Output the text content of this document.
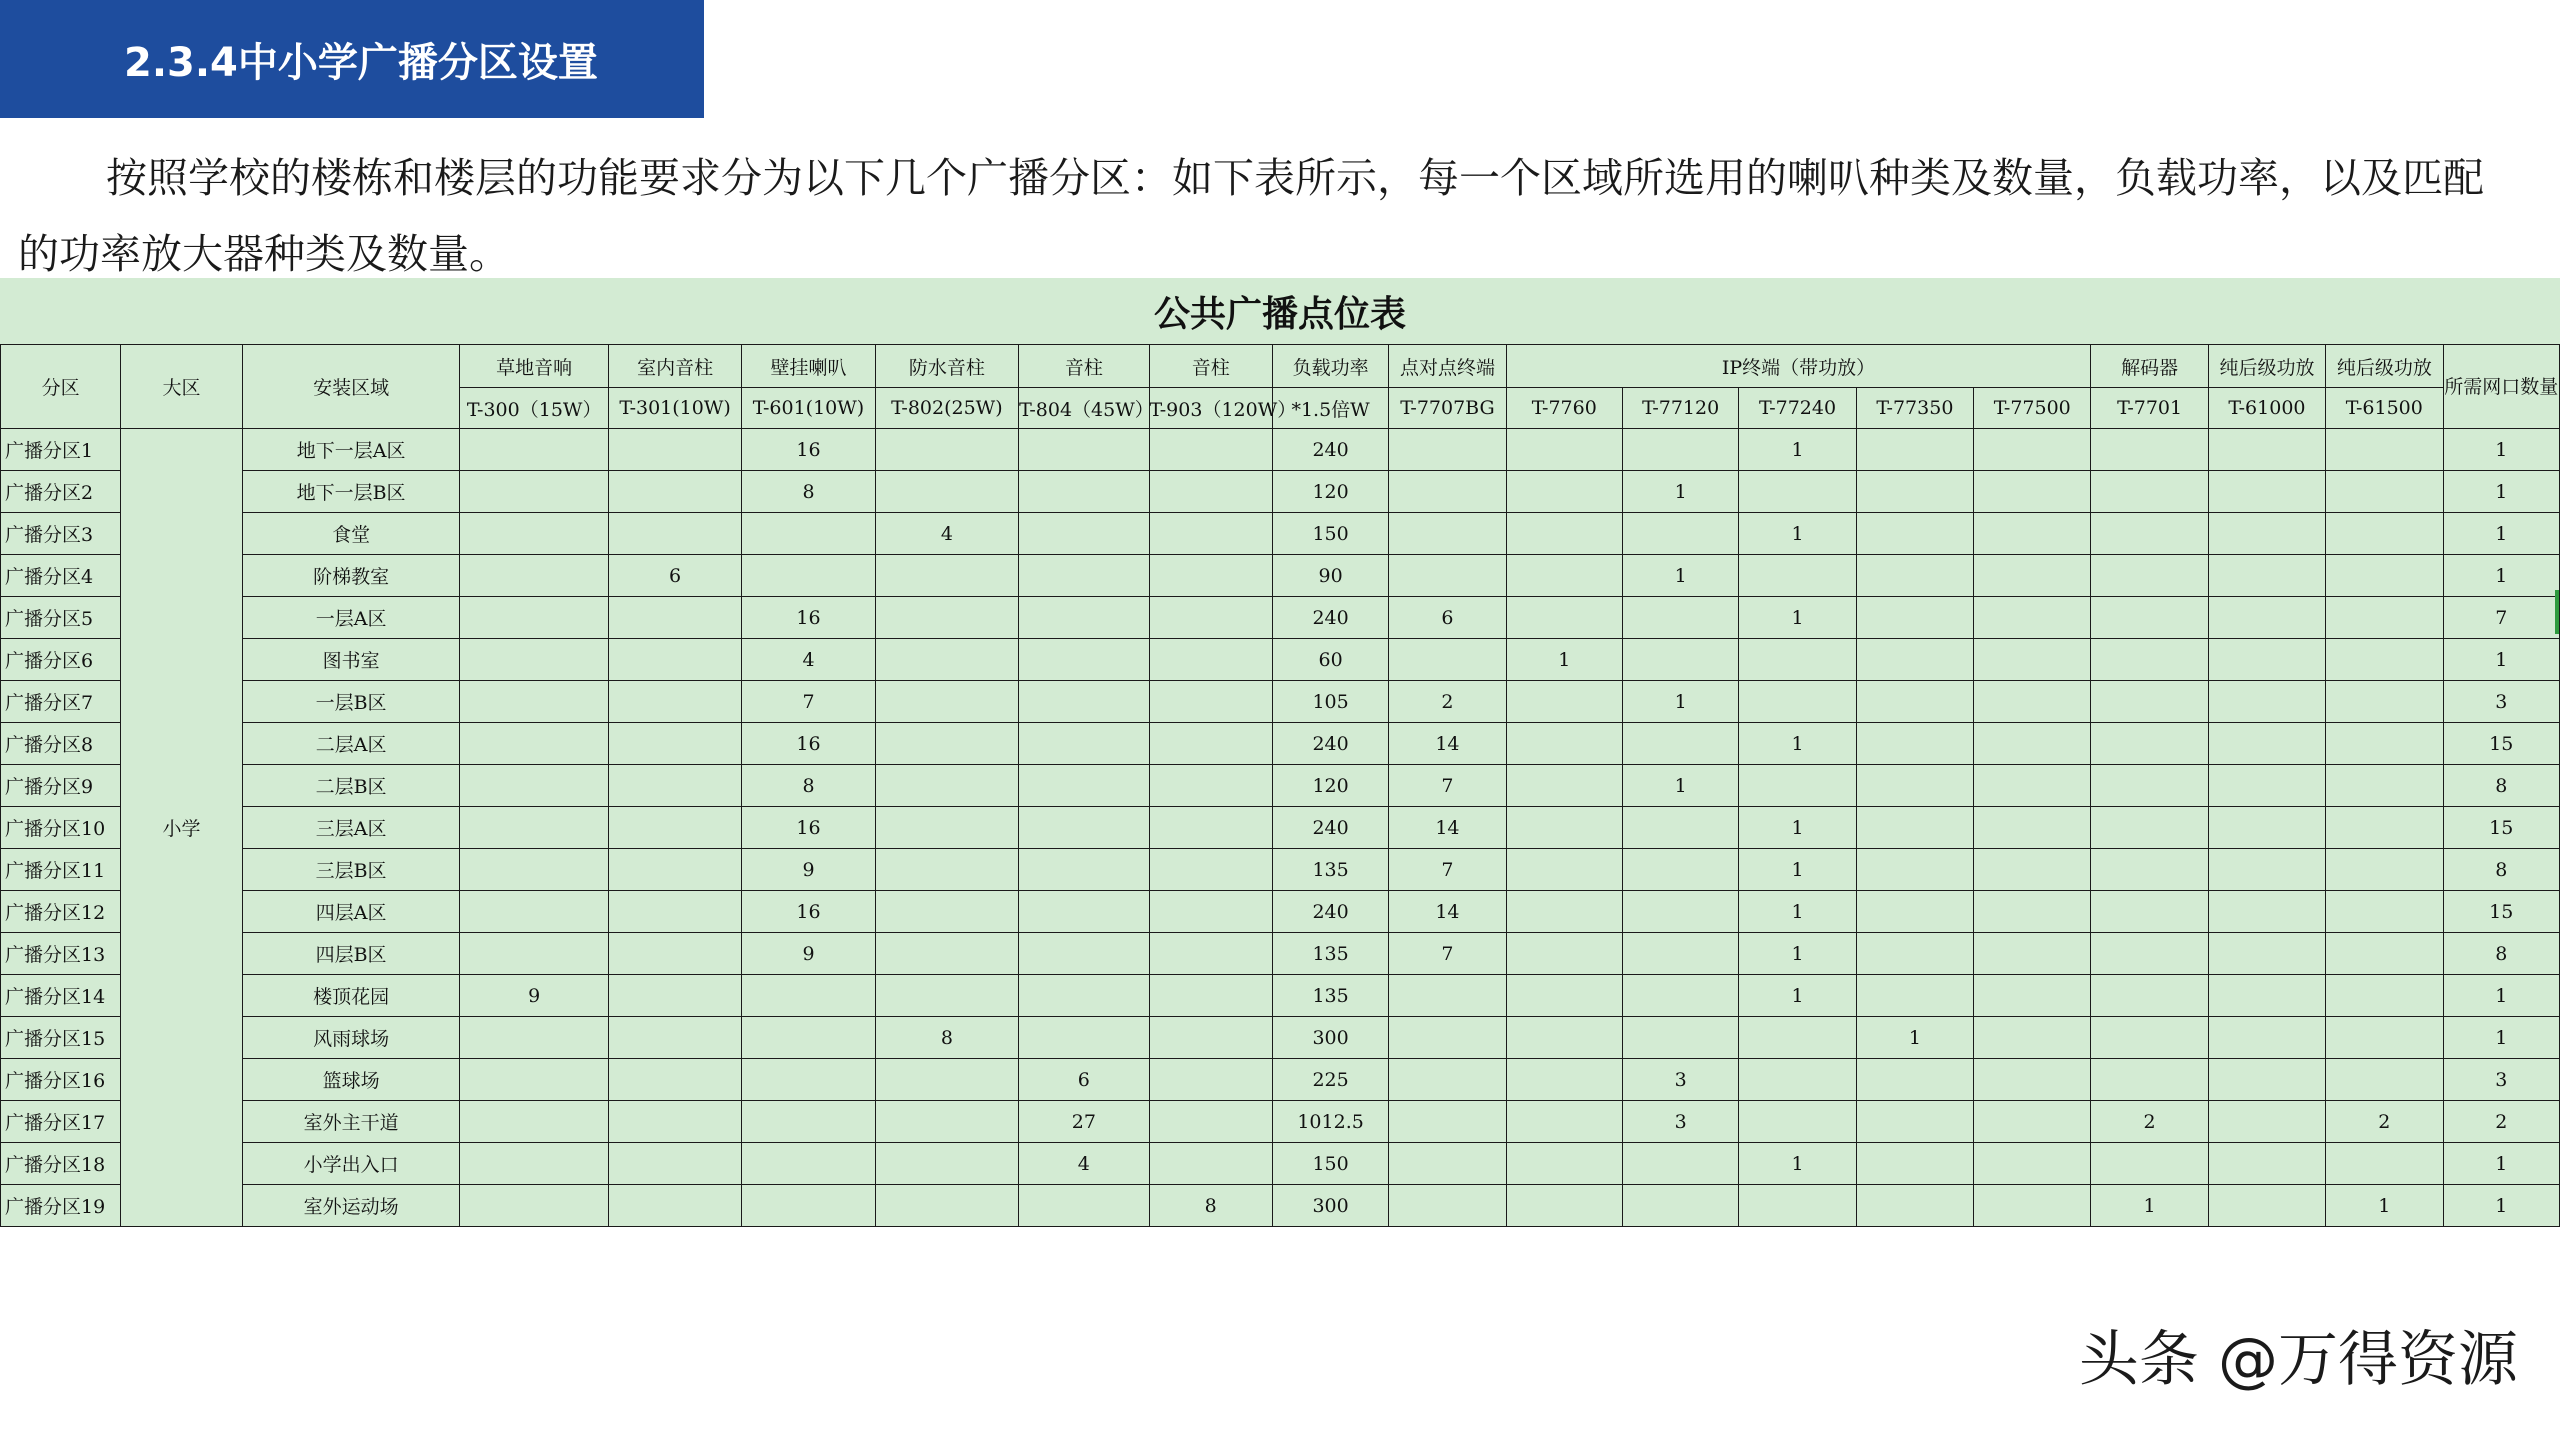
2.3.4中小学广播分区设置

按照学校的楼栋和楼层的功能要求分为以下几个广播分区：如下表所示，每一个区域所选用的喇叭种类及数量，负载功率，以及匹配的功率放大器种类及数量。

公共广播点位表
分区	大区	安装区域	草地音响	室内音柱	壁挂喇叭	防水音柱	音柱	音柱	负载功率	点对点终端	IP终端（带功放）					解码器	纯后级功放	纯后级功放	所需网口数量
			T-300（15W）	T-301(10W)	T-601(10W)	T-802(25W)	T-804（45W）	T-903（120W）	*1.5倍W	T-7707BG	T-7760	T-77120	T-77240	T-77350	T-77500	T-7701	T-61000	T-61500	
广播分区1	小学	地下一层A区			16				240				1						1
广播分区2		地下一层B区			8				120			1							1
广播分区3		食堂				4			150				1						1
广播分区4		阶梯教室		6					90			1							1
广播分区5		一层A区			16				240	6			1						7
广播分区6		图书室			4				60		1								1
广播分区7		一层B区			7				105	2		1							3
广播分区8		二层A区			16				240	14			1						15
广播分区9		二层B区			8				120	7		1							8
广播分区10		三层A区			16				240	14			1						15
广播分区11		三层B区			9				135	7			1						8
广播分区12		四层A区			16				240	14			1						15
广播分区13		四层B区			9				135	7			1						8
广播分区14		楼顶花园	9						135				1						1
广播分区15		风雨球场				8			300					1					1
广播分区16		篮球场					6		225			3							3
广播分区17		室外主干道					27		1012.5			3				2		2	2
广播分区18		小学出入口					4		150				1						1
广播分区19		室外运动场						8	300							1		1	1
头条 @万得资源
